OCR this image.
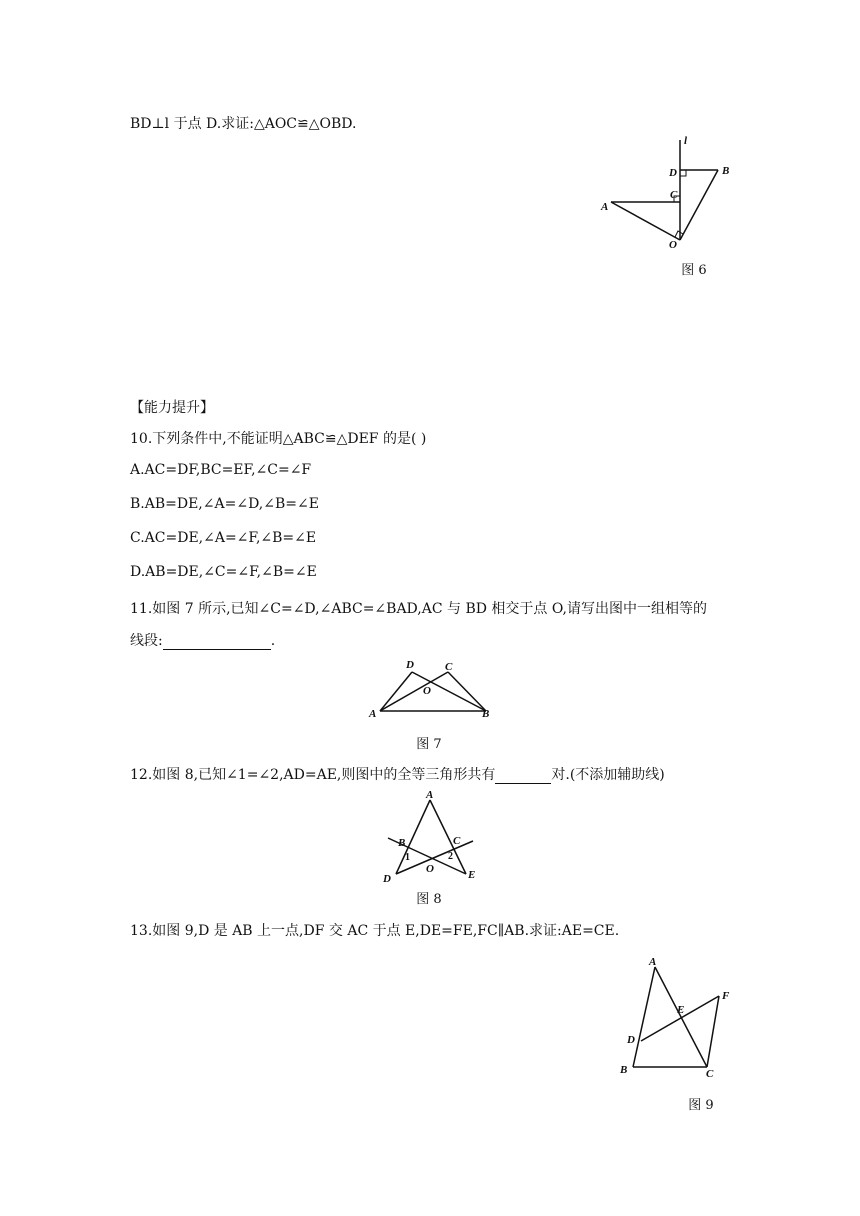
BD⊥l 于点 D.求证:△AOC≌△OBD.
l
D	B
C
A
O
图 6
【能力提升】
10.下列条件中,不能证明△ABC≌△DEF 的是( )
A.AC=DF,BC=EF,∠C=∠F
B.AB=DE,∠A=∠D,∠B=∠E
C.AC=DE,∠A=∠F,∠B=∠E
D.AB=DE,∠C=∠F,∠B=∠E
11.如图 7 所示,已知∠C=∠D,∠ABC=∠BAD,AC 与 BD 相交于点 O,请写出图中一组相等的
线段:	.
D	C
O
A	B
图 7
12.如图 8,已知∠1=∠2,AD=AE,则图中的全等三角形共有	对.(不添加辅助线)
A
B	C
1	2
O
D	E
图 8
13.如图 9,D 是 AB 上一点,DF 交 AC 于点 E,DE=FE,FC∥AB.求证:AE=CE.
A
F
E
D
B	C
图 9
